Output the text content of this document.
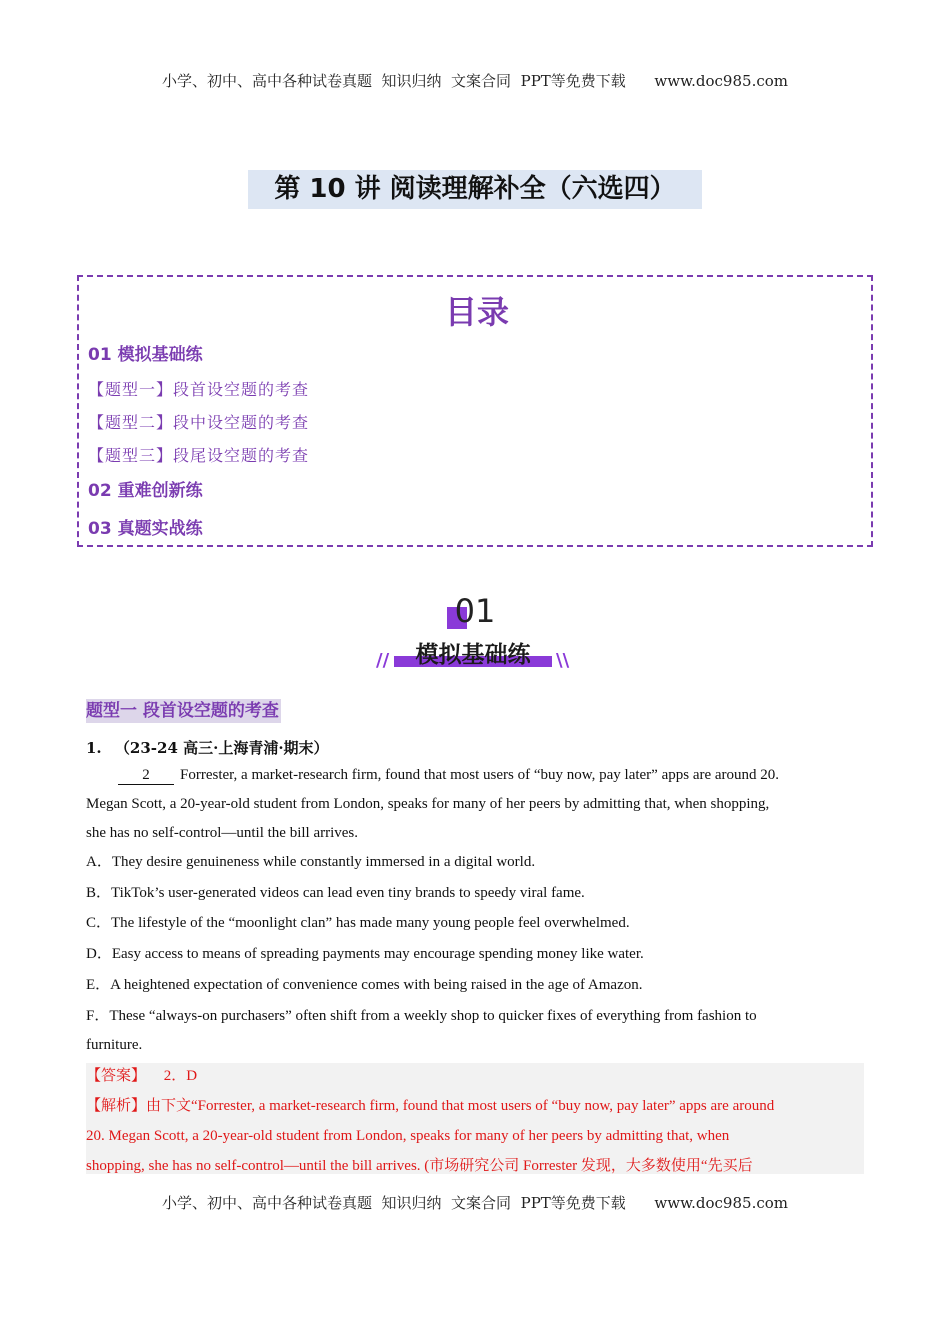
小学、初中、高中各种试卷真题  知识归纳  文案合同  PPT等免费下载      www.doc985.com
第 10 讲 阅读理解补全（六选四）
目录
01 模拟基础练
【题型一】段首设空题的考查
【题型二】段中设空题的考查
【题型三】段尾设空题的考查
02 重难创新练
03 真题实战练
01
模拟基础练
//	\\
题型一 段首设空题的考查
1. （23-24 高三·上海青浦·期末）
2 Forrester, a market-research firm, found that most users of “buy now, pay later” apps are around 20.
Megan Scott, a 20-year-old student from London, speaks for many of her peers by admitting that, when shopping,
she has no self-control—until the bill arrives.
A．They desire genuineness while constantly immersed in a digital world.
B．TikTok’s user-generated videos can lead even tiny brands to speedy viral fame.
C．The lifestyle of the “moonlight clan” has made many young people feel overwhelmed.
D．Easy access to means of spreading payments may encourage spending money like water.
E．A heightened expectation of convenience comes with being raised in the age of Amazon.
F．These “always-on purchasers” often shift from a weekly shop to quicker fixes of everything from fashion to
furniture.
【答案】 2．D
【解析】由下文“Forrester, a market-research firm, found that most users of “buy now, pay later” apps are around
20. Megan Scott, a 20-year-old student from London, speaks for many of her peers by admitting that, when
shopping, she has no self-control—until the bill arrives. (市场研究公司 Forrester 发现，大多数使用“先买后
小学、初中、高中各种试卷真题  知识归纳  文案合同  PPT等免费下载      www.doc985.com
